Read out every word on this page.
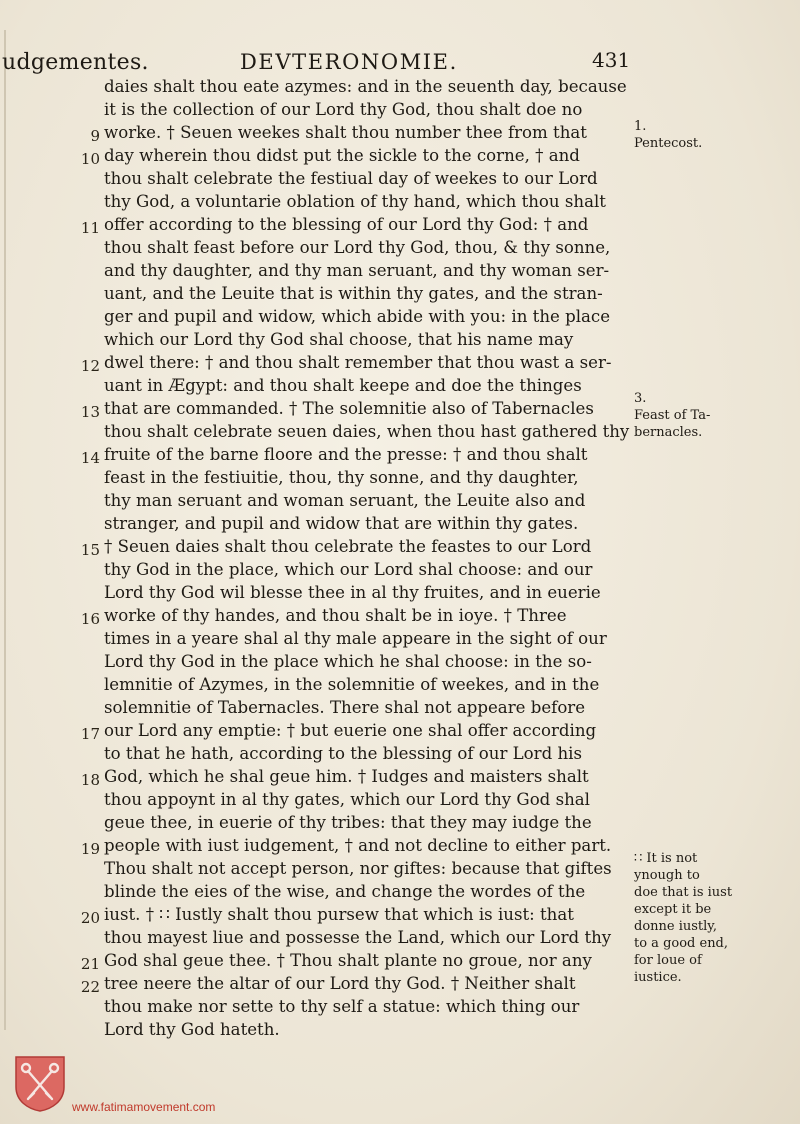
udgementes.	DEVTERONOMIE.	431
daies shalt thou eate azymes: and in the seuenth day, because
it is the collection of our Lord thy God, thou shalt doe no
9 worke. † Seuen weekes shalt thou number thee from that
10 day wherein thou didst put the sickle to the corne, † and
thou shalt celebrate the festiual day of weekes to our Lord
thy God, a voluntarie oblation of thy hand, which thou shalt
11 offer according to the blessing of our Lord thy God: † and
thou shalt feast before our Lord thy God, thou, & thy sonne,
and thy daughter, and thy man seruant, and thy woman ser-
uant, and the Leuite that is within thy gates, and the stran-
ger and pupil and widow, which abide with you: in the place
which our Lord thy God shal choose, that his name may
12 dwel there: † and thou shalt remember that thou wast a ser-
uant in Ægypt: and thou shalt keepe and doe the thinges
13 that are commanded. † The solemnitie also of Tabernacles
thou shalt celebrate seuen daies, when thou hast gathered thy
14 fruite of the barne floore and the presse: † and thou shalt
feast in the festiuitie, thou, thy sonne, and thy daughter,
thy man seruant and woman seruant, the Leuite also and
stranger, and pupil and widow that are within thy gates.
15 † Seuen daies shalt thou celebrate the feastes to our Lord
thy God in the place, which our Lord shal choose: and our
Lord thy God wil blesse thee in al thy fruites, and in euerie
16 worke of thy handes, and thou shalt be in ioye. † Three
times in a yeare shal al thy male appeare in the sight of our
Lord thy God in the place which he shal choose: in the so-
lemnitie of Azymes, in the solemnitie of weekes, and in the
solemnitie of Tabernacles. There shal not appeare before
17 our Lord any emptie: † but euerie one shal offer according
to that he hath, according to the blessing of our Lord his
18 God, which he shal geue him. † Iudges and maisters shalt
thou appoynt in al thy gates, which our Lord thy God shal
geue thee, in euerie of thy tribes: that they may iudge the
19 people with iust iudgement, † and not decline to either part.
Thou shalt not accept person, nor giftes: because that giftes
blinde the eies of the wise, and change the wordes of the
20 iust. † ∷ Iustly shalt thou pursew that which is iust: that
thou mayest liue and possesse the Land, which our Lord thy
21 God shal geue thee. † Thou shalt plante no groue, nor any
22 tree neere the altar of our Lord thy God. † Neither shalt
thou make nor sette to thy self a statue: which thing our
Lord thy God hateth.
1.
Pentecost.
3.
Feast of Ta-
bernacles.
∷ It is not
ynough to
doe that is iust
except it be
donne iustly,
to a good end,
for loue of
iustice.
www.fatimamovement.com
